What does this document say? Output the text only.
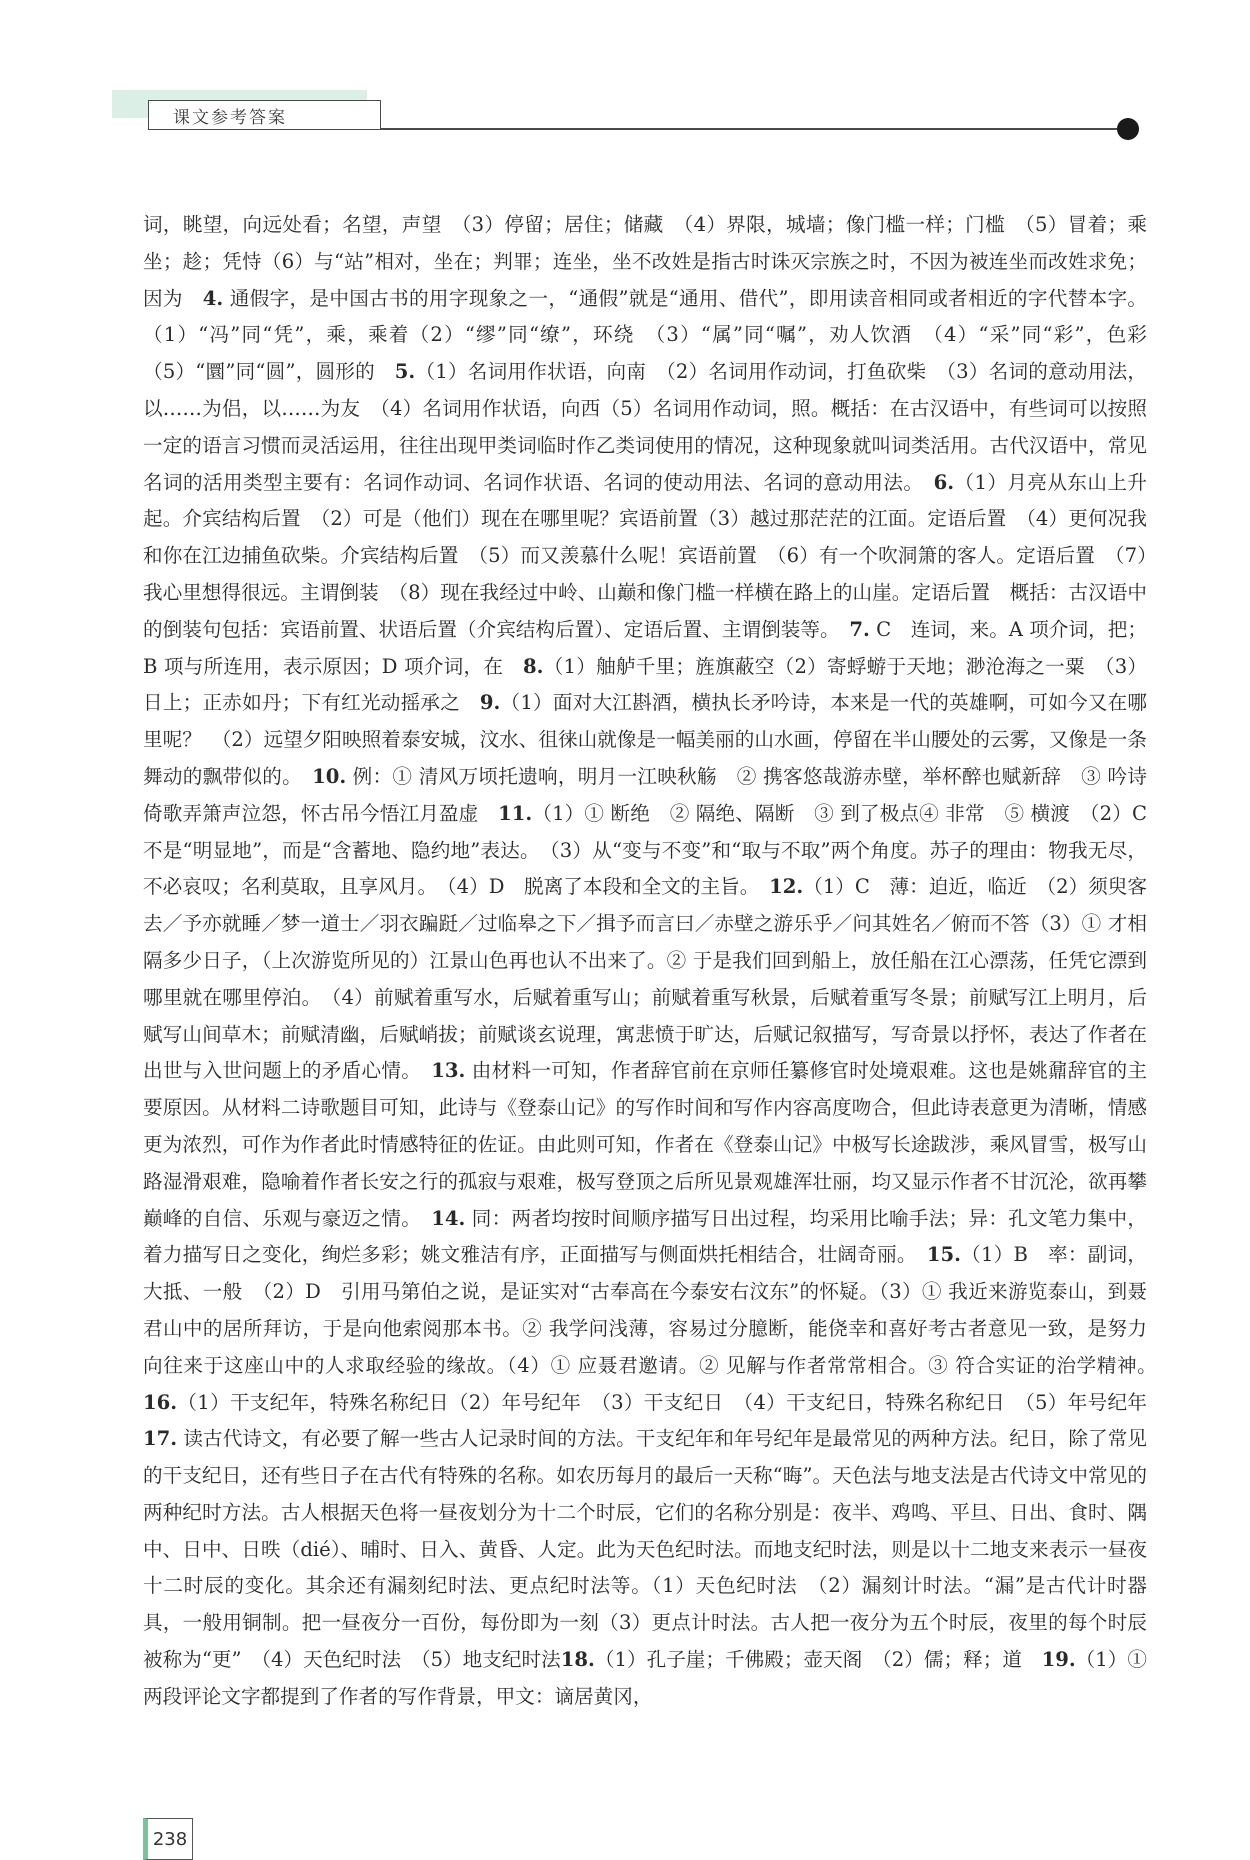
课文参考答案
词，眺望，向远处看；名望，声望　（3）停留；居住；储藏　（4）界限，城墙；像门槛一样；门槛　（5）冒着；乘坐；趁；凭恃（6）与“站”相对，坐在；判罪；连坐，坐不改姓是指古时诛灭宗族之时，不因为被连坐而改姓求免；因为　4. 通假字，是中国古书的用字现象之一，“通假”就是“通用、借代”，即用读音相同或者相近的字代替本字。（1）“冯”同“凭”，乘，乘着（2）“缪”同“缭”，环绕　（3）“属”同“嘱”，劝人饮酒　（4）“采”同“彩”，色彩（5）“圜”同“圆”，圆形的　5.（1）名词用作状语，向南　（2）名词用作动词，打鱼砍柴　（3）名词的意动用法，以……为侣，以……为友　（4）名词用作状语，向西（5）名词用作动词，照。概括：在古汉语中，有些词可以按照一定的语言习惯而灵活运用，往往出现甲类词临时作乙类词使用的情况，这种现象就叫词类活用。古代汉语中，常见名词的活用类型主要有：名词作动词、名词作状语、名词的使动用法、名词的意动用法。　6.（1）月亮从东山上升起。介宾结构后置　（2）可是（他们）现在在哪里呢？宾语前置（3）越过那茫茫的江面。定语后置　（4）更何况我和你在江边捕鱼砍柴。介宾结构后置　（5）而又羡慕什么呢！宾语前置　（6）有一个吹洞箫的客人。定语后置　（7）我心里想得很远。主谓倒装　（8）现在我经过中岭、山巅和像门槛一样横在路上的山崖。定语后置　概括：古汉语中的倒装句包括：宾语前置、状语后置（介宾结构后置）、定语后置、主谓倒装等。　7. C　连词，来。A 项介词，把；B 项与所连用，表示原因；D 项介词，在　8.（1）舳舻千里；旌旗蔽空（2）寄蜉蝣于天地；渺沧海之一粟　（3）日上；正赤如丹；下有红光动摇承之　9.（1）面对大江斟酒，横执长矛吟诗，本来是一代的英雄啊，可如今又在哪里呢？　（2）远望夕阳映照着泰安城，汶水、徂徕山就像是一幅美丽的山水画，停留在半山腰处的云雾，又像是一条舞动的飘带似的。　10. 例：① 清风万顷托遗响，明月一江映秋觞　② 携客悠哉游赤壁，举杯醉也赋新辞　③ 吟诗倚歌弄箫声泣怨，怀古吊今悟江月盈虚　11.（1）① 断绝　② 隔绝、隔断　③ 到了极点④ 非常　⑤ 横渡　（2）C　不是“明显地”，而是“含蓄地、隐约地”表达。　（3）从“变与不变”和“取与不取”两个角度。苏子的理由：物我无尽，不必哀叹；名利莫取，且享风月。　（4）D　脱离了本段和全文的主旨。　12.（1）C　薄：迫近，临近　（2）须臾客去／予亦就睡／梦一道士／羽衣蹁跹／过临皋之下／揖予而言曰／赤壁之游乐乎／问其姓名／俯而不答（3）① 才相隔多少日子，（上次游览所见的）江景山色再也认不出来了。② 于是我们回到船上，放任船在江心漂荡，任凭它漂到哪里就在哪里停泊。　（4）前赋着重写水，后赋着重写山；前赋着重写秋景，后赋着重写冬景；前赋写江上明月，后赋写山间草木；前赋清幽，后赋峭拔；前赋谈玄说理，寓悲愤于旷达，后赋记叙描写，写奇景以抒怀，表达了作者在出世与入世问题上的矛盾心情。　13. 由材料一可知，作者辞官前在京师任纂修官时处境艰难。这也是姚鼐辞官的主要原因。从材料二诗歌题目可知，此诗与《登泰山记》的写作时间和写作内容高度吻合，但此诗表意更为清晰，情感更为浓烈，可作为作者此时情感特征的佐证。由此则可知，作者在《登泰山记》中极写长途跋涉，乘风冒雪，极写山路湿滑艰难，隐喻着作者长安之行的孤寂与艰难，极写登顶之后所见景观雄浑壮丽，均又显示作者不甘沉沦，欲再攀巅峰的自信、乐观与豪迈之情。　14. 同：两者均按时间顺序描写日出过程，均采用比喻手法；异：孔文笔力集中，着力描写日之变化，绚烂多彩；姚文雅洁有序，正面描写与侧面烘托相结合，壮阔奇丽。　15.（1）B　率：副词，大抵、一般　（2）D　引用马第伯之说，是证实对“古奉高在今泰安右汶东”的怀疑。（3）① 我近来游览泰山，到聂君山中的居所拜访，于是向他索阅那本书。② 我学问浅薄，容易过分臆断，能侥幸和喜好考古者意见一致，是努力向往来于这座山中的人求取经验的缘故。（4）① 应聂君邀请。② 见解与作者常常相合。③ 符合实证的治学精神。　16.（1）干支纪年，特殊名称纪日（2）年号纪年　（3）干支纪日　（4）干支纪日，特殊名称纪日　（5）年号纪年　17. 读古代诗文，有必要了解一些古人记录时间的方法。干支纪年和年号纪年是最常见的两种方法。纪日，除了常见的干支纪日，还有些日子在古代有特殊的名称。如农历每月的最后一天称“晦”。天色法与地支法是古代诗文中常见的两种纪时方法。古人根据天色将一昼夜划分为十二个时辰，它们的名称分别是：夜半、鸡鸣、平旦、日出、食时、隅中、日中、日昳（dié）、晡时、日入、黄昏、人定。此为天色纪时法。而地支纪时法，则是以十二地支来表示一昼夜十二时辰的变化。其余还有漏刻纪时法、更点纪时法等。（1）天色纪时法　（2）漏刻计时法。“漏”是古代计时器具，一般用铜制。把一昼夜分一百份，每份即为一刻（3）更点计时法。古人把一夜分为五个时辰，夜里的每个时辰被称为“更”　（4）天色纪时法　（5）地支纪时法18.（1）孔子崖；千佛殿；壶天阁　（2）儒；释；道　19.（1）① 两段评论文字都提到了作者的写作背景，甲文：谪居黄冈，
238
